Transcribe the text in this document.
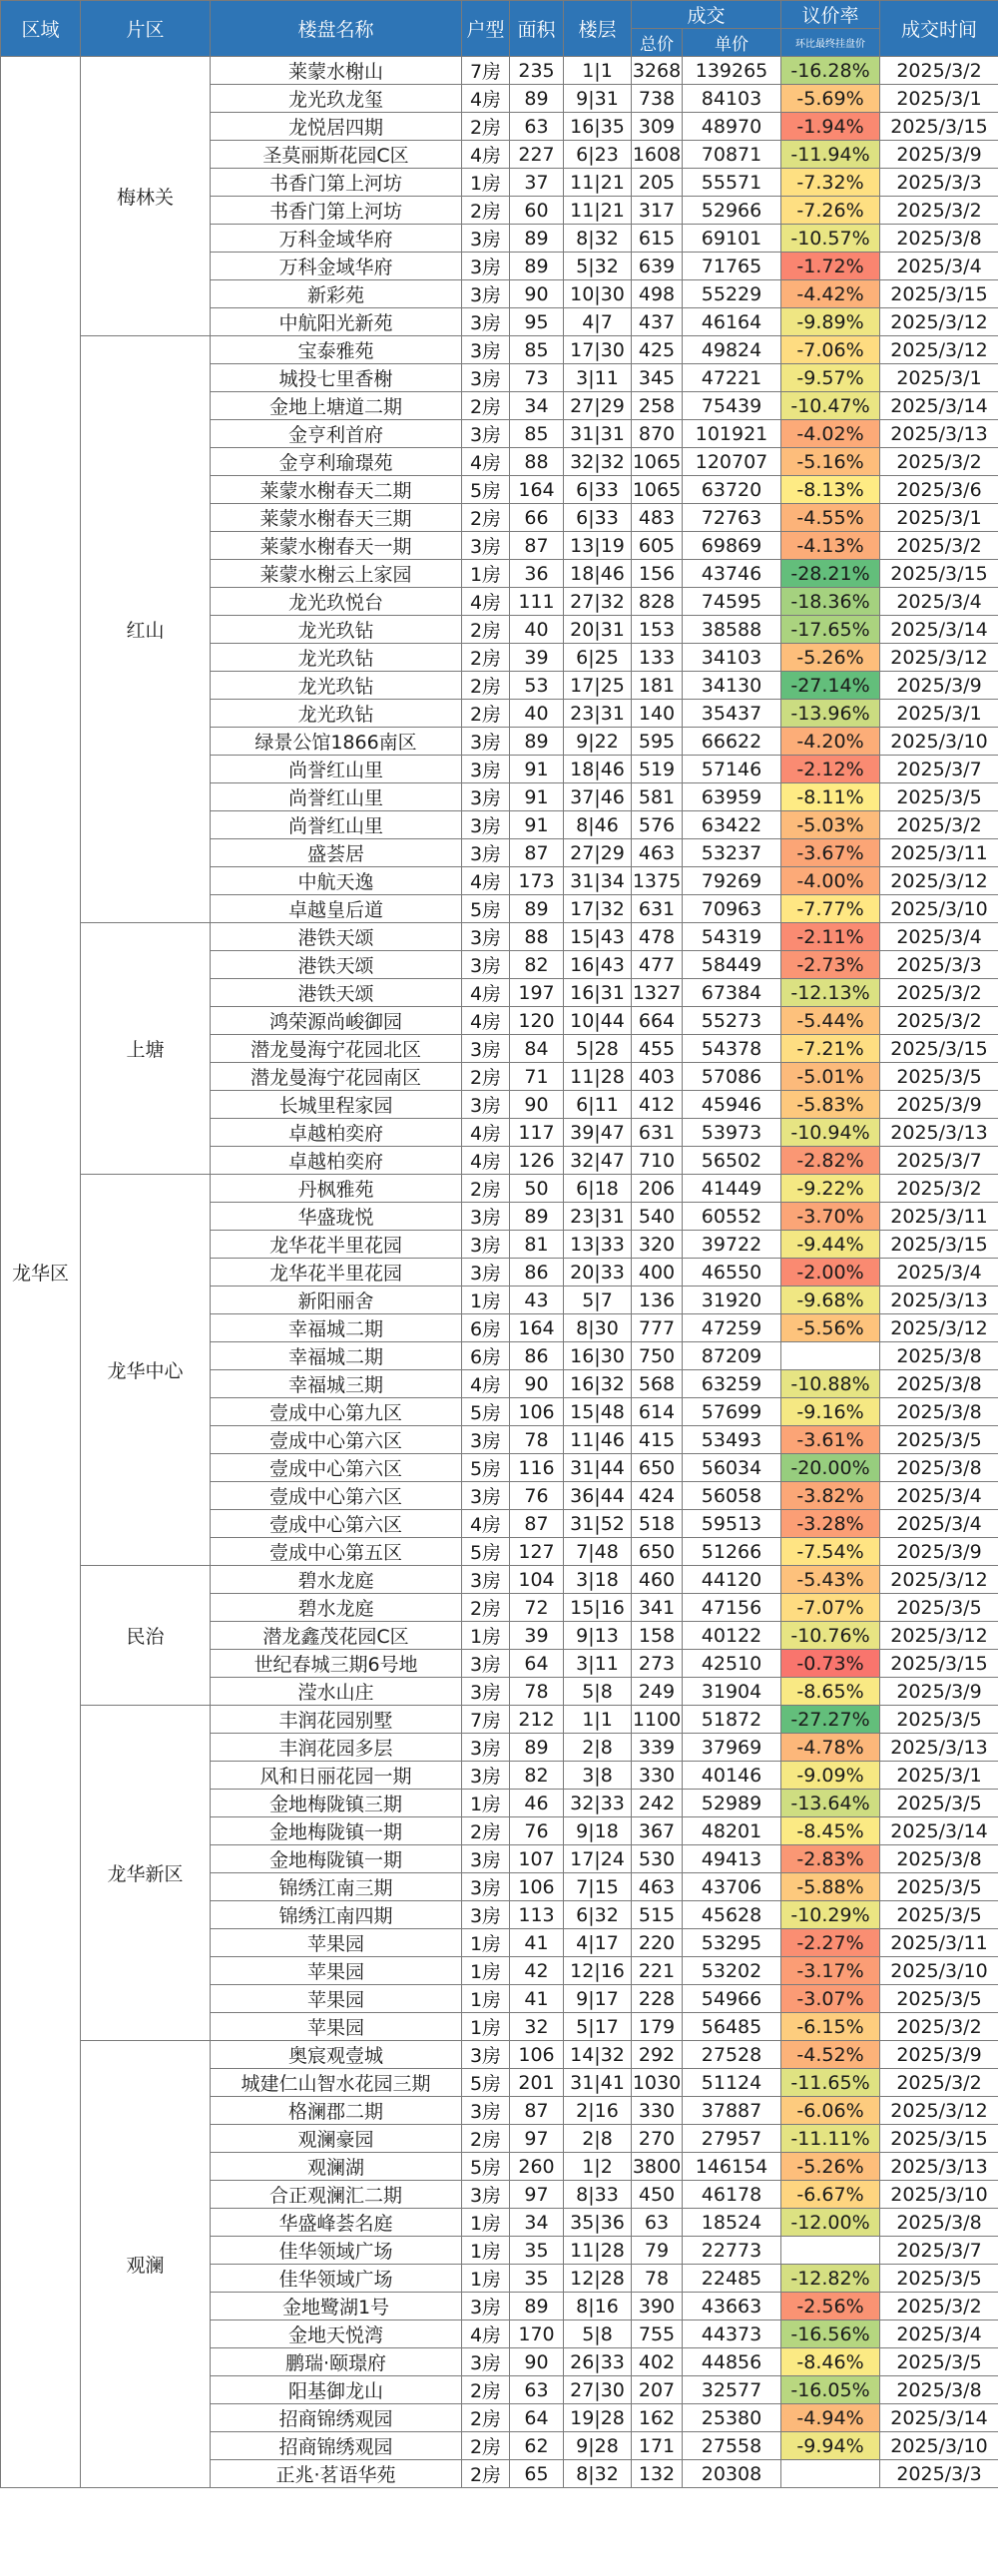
区域	片区	楼盘名称	户型	面积	楼层	成交		议价率	成交时间
						总价	单价	环比最终挂盘价	
龙华区	梅林关	莱蒙水榭山	7房	235	1|1	3268	139265	-16.28%	2025/3/2
		龙光玖龙玺	4房	89	9|31	738	84103	-5.69%	2025/3/1
		龙悦居四期	2房	63	16|35	309	48970	-1.94%	2025/3/15
		圣莫丽斯花园C区	4房	227	6|23	1608	70871	-11.94%	2025/3/9
		书香门第上河坊	1房	37	11|21	205	55571	-7.32%	2025/3/3
		书香门第上河坊	2房	60	11|21	317	52966	-7.26%	2025/3/2
		万科金域华府	3房	89	8|32	615	69101	-10.57%	2025/3/8
		万科金域华府	3房	89	5|32	639	71765	-1.72%	2025/3/4
		新彩苑	3房	90	10|30	498	55229	-4.42%	2025/3/15
		中航阳光新苑	3房	95	4|7	437	46164	-9.89%	2025/3/12
	红山	宝泰雅苑	3房	85	17|30	425	49824	-7.06%	2025/3/12
		城投七里香榭	3房	73	3|11	345	47221	-9.57%	2025/3/1
		金地上塘道二期	2房	34	27|29	258	75439	-10.47%	2025/3/14
		金亨利首府	3房	85	31|31	870	101921	-4.02%	2025/3/13
		金亨利瑜璟苑	4房	88	32|32	1065	120707	-5.16%	2025/3/2
		莱蒙水榭春天二期	5房	164	6|33	1065	63720	-8.13%	2025/3/6
		莱蒙水榭春天三期	2房	66	6|33	483	72763	-4.55%	2025/3/1
		莱蒙水榭春天一期	3房	87	13|19	605	69869	-4.13%	2025/3/2
		莱蒙水榭云上家园	1房	36	18|46	156	43746	-28.21%	2025/3/15
		龙光玖悦台	4房	111	27|32	828	74595	-18.36%	2025/3/4
		龙光玖钻	2房	40	20|31	153	38588	-17.65%	2025/3/14
		龙光玖钻	2房	39	6|25	133	34103	-5.26%	2025/3/12
		龙光玖钻	2房	53	17|25	181	34130	-27.14%	2025/3/9
		龙光玖钻	2房	40	23|31	140	35437	-13.96%	2025/3/1
		绿景公馆1866南区	3房	89	9|22	595	66622	-4.20%	2025/3/10
		尚誉红山里	3房	91	18|46	519	57146	-2.12%	2025/3/7
		尚誉红山里	3房	91	37|46	581	63959	-8.11%	2025/3/5
		尚誉红山里	3房	91	8|46	576	63422	-5.03%	2025/3/2
		盛荟居	3房	87	27|29	463	53237	-3.67%	2025/3/11
		中航天逸	4房	173	31|34	1375	79269	-4.00%	2025/3/12
		卓越皇后道	5房	89	17|32	631	70963	-7.77%	2025/3/10
	上塘	港铁天颂	3房	88	15|43	478	54319	-2.11%	2025/3/4
		港铁天颂	3房	82	16|43	477	58449	-2.73%	2025/3/3
		港铁天颂	4房	197	16|31	1327	67384	-12.13%	2025/3/2
		鸿荣源尚峻御园	4房	120	10|44	664	55273	-5.44%	2025/3/2
		潜龙曼海宁花园北区	3房	84	5|28	455	54378	-7.21%	2025/3/15
		潜龙曼海宁花园南区	2房	71	11|28	403	57086	-5.01%	2025/3/5
		长城里程家园	3房	90	6|11	412	45946	-5.83%	2025/3/9
		卓越柏奕府	4房	117	39|47	631	53973	-10.94%	2025/3/13
		卓越柏奕府	4房	126	32|47	710	56502	-2.82%	2025/3/7
	龙华中心	丹枫雅苑	2房	50	6|18	206	41449	-9.22%	2025/3/2
		华盛珑悦	3房	89	23|31	540	60552	-3.70%	2025/3/11
		龙华花半里花园	3房	81	13|33	320	39722	-9.44%	2025/3/15
		龙华花半里花园	3房	86	20|33	400	46550	-2.00%	2025/3/4
		新阳丽舍	1房	43	5|7	136	31920	-9.68%	2025/3/13
		幸福城二期	6房	164	8|30	777	47259	-5.56%	2025/3/12
		幸福城二期	6房	86	16|30	750	87209		2025/3/8
		幸福城三期	4房	90	16|32	568	63259	-10.88%	2025/3/8
		壹成中心第九区	5房	106	15|48	614	57699	-9.16%	2025/3/8
		壹成中心第六区	3房	78	11|46	415	53493	-3.61%	2025/3/5
		壹成中心第六区	5房	116	31|44	650	56034	-20.00%	2025/3/8
		壹成中心第六区	3房	76	36|44	424	56058	-3.82%	2025/3/4
		壹成中心第六区	4房	87	31|52	518	59513	-3.28%	2025/3/4
		壹成中心第五区	5房	127	7|48	650	51266	-7.54%	2025/3/9
	民治	碧水龙庭	3房	104	3|18	460	44120	-5.43%	2025/3/12
		碧水龙庭	2房	72	15|16	341	47156	-7.07%	2025/3/5
		潜龙鑫茂花园C区	1房	39	9|13	158	40122	-10.76%	2025/3/12
		世纪春城三期6号地	3房	64	3|11	273	42510	-0.73%	2025/3/15
		滢水山庄	3房	78	5|8	249	31904	-8.65%	2025/3/9
	龙华新区	丰润花园别墅	7房	212	1|1	1100	51872	-27.27%	2025/3/5
		丰润花园多层	3房	89	2|8	339	37969	-4.78%	2025/3/13
		风和日丽花园一期	3房	82	3|8	330	40146	-9.09%	2025/3/1
		金地梅陇镇三期	1房	46	32|33	242	52989	-13.64%	2025/3/5
		金地梅陇镇一期	2房	76	9|18	367	48201	-8.45%	2025/3/14
		金地梅陇镇一期	3房	107	17|24	530	49413	-2.83%	2025/3/8
		锦绣江南三期	3房	106	7|15	463	43706	-5.88%	2025/3/5
		锦绣江南四期	3房	113	6|32	515	45628	-10.29%	2025/3/5
		苹果园	1房	41	4|17	220	53295	-2.27%	2025/3/11
		苹果园	1房	42	12|16	221	53202	-3.17%	2025/3/10
		苹果园	1房	41	9|17	228	54966	-3.07%	2025/3/5
		苹果园	1房	32	5|17	179	56485	-6.15%	2025/3/2
	观澜	奥宸观壹城	3房	106	14|32	292	27528	-4.52%	2025/3/9
		城建仁山智水花园三期	5房	201	31|41	1030	51124	-11.65%	2025/3/2
		格澜郡二期	3房	87	2|16	330	37887	-6.06%	2025/3/12
		观澜豪园	2房	97	2|8	270	27957	-11.11%	2025/3/15
		观澜湖	5房	260	1|2	3800	146154	-5.26%	2025/3/13
		合正观澜汇二期	3房	97	8|33	450	46178	-6.67%	2025/3/10
		华盛峰荟名庭	1房	34	35|36	63	18524	-12.00%	2025/3/8
		佳华领域广场	1房	35	11|28	79	22773		2025/3/7
		佳华领域广场	1房	35	12|28	78	22485	-12.82%	2025/3/5
		金地鹭湖1号	3房	89	8|16	390	43663	-2.56%	2025/3/2
		金地天悦湾	4房	170	5|8	755	44373	-16.56%	2025/3/4
		鹏瑞·颐璟府	3房	90	26|33	402	44856	-8.46%	2025/3/5
		阳基御龙山	2房	63	27|30	207	32577	-16.05%	2025/3/8
		招商锦绣观园	2房	64	19|28	162	25380	-4.94%	2025/3/14
		招商锦绣观园	2房	62	9|28	171	27558	-9.94%	2025/3/10
		正兆·茗语华苑	2房	65	8|32	132	20308		2025/3/3
